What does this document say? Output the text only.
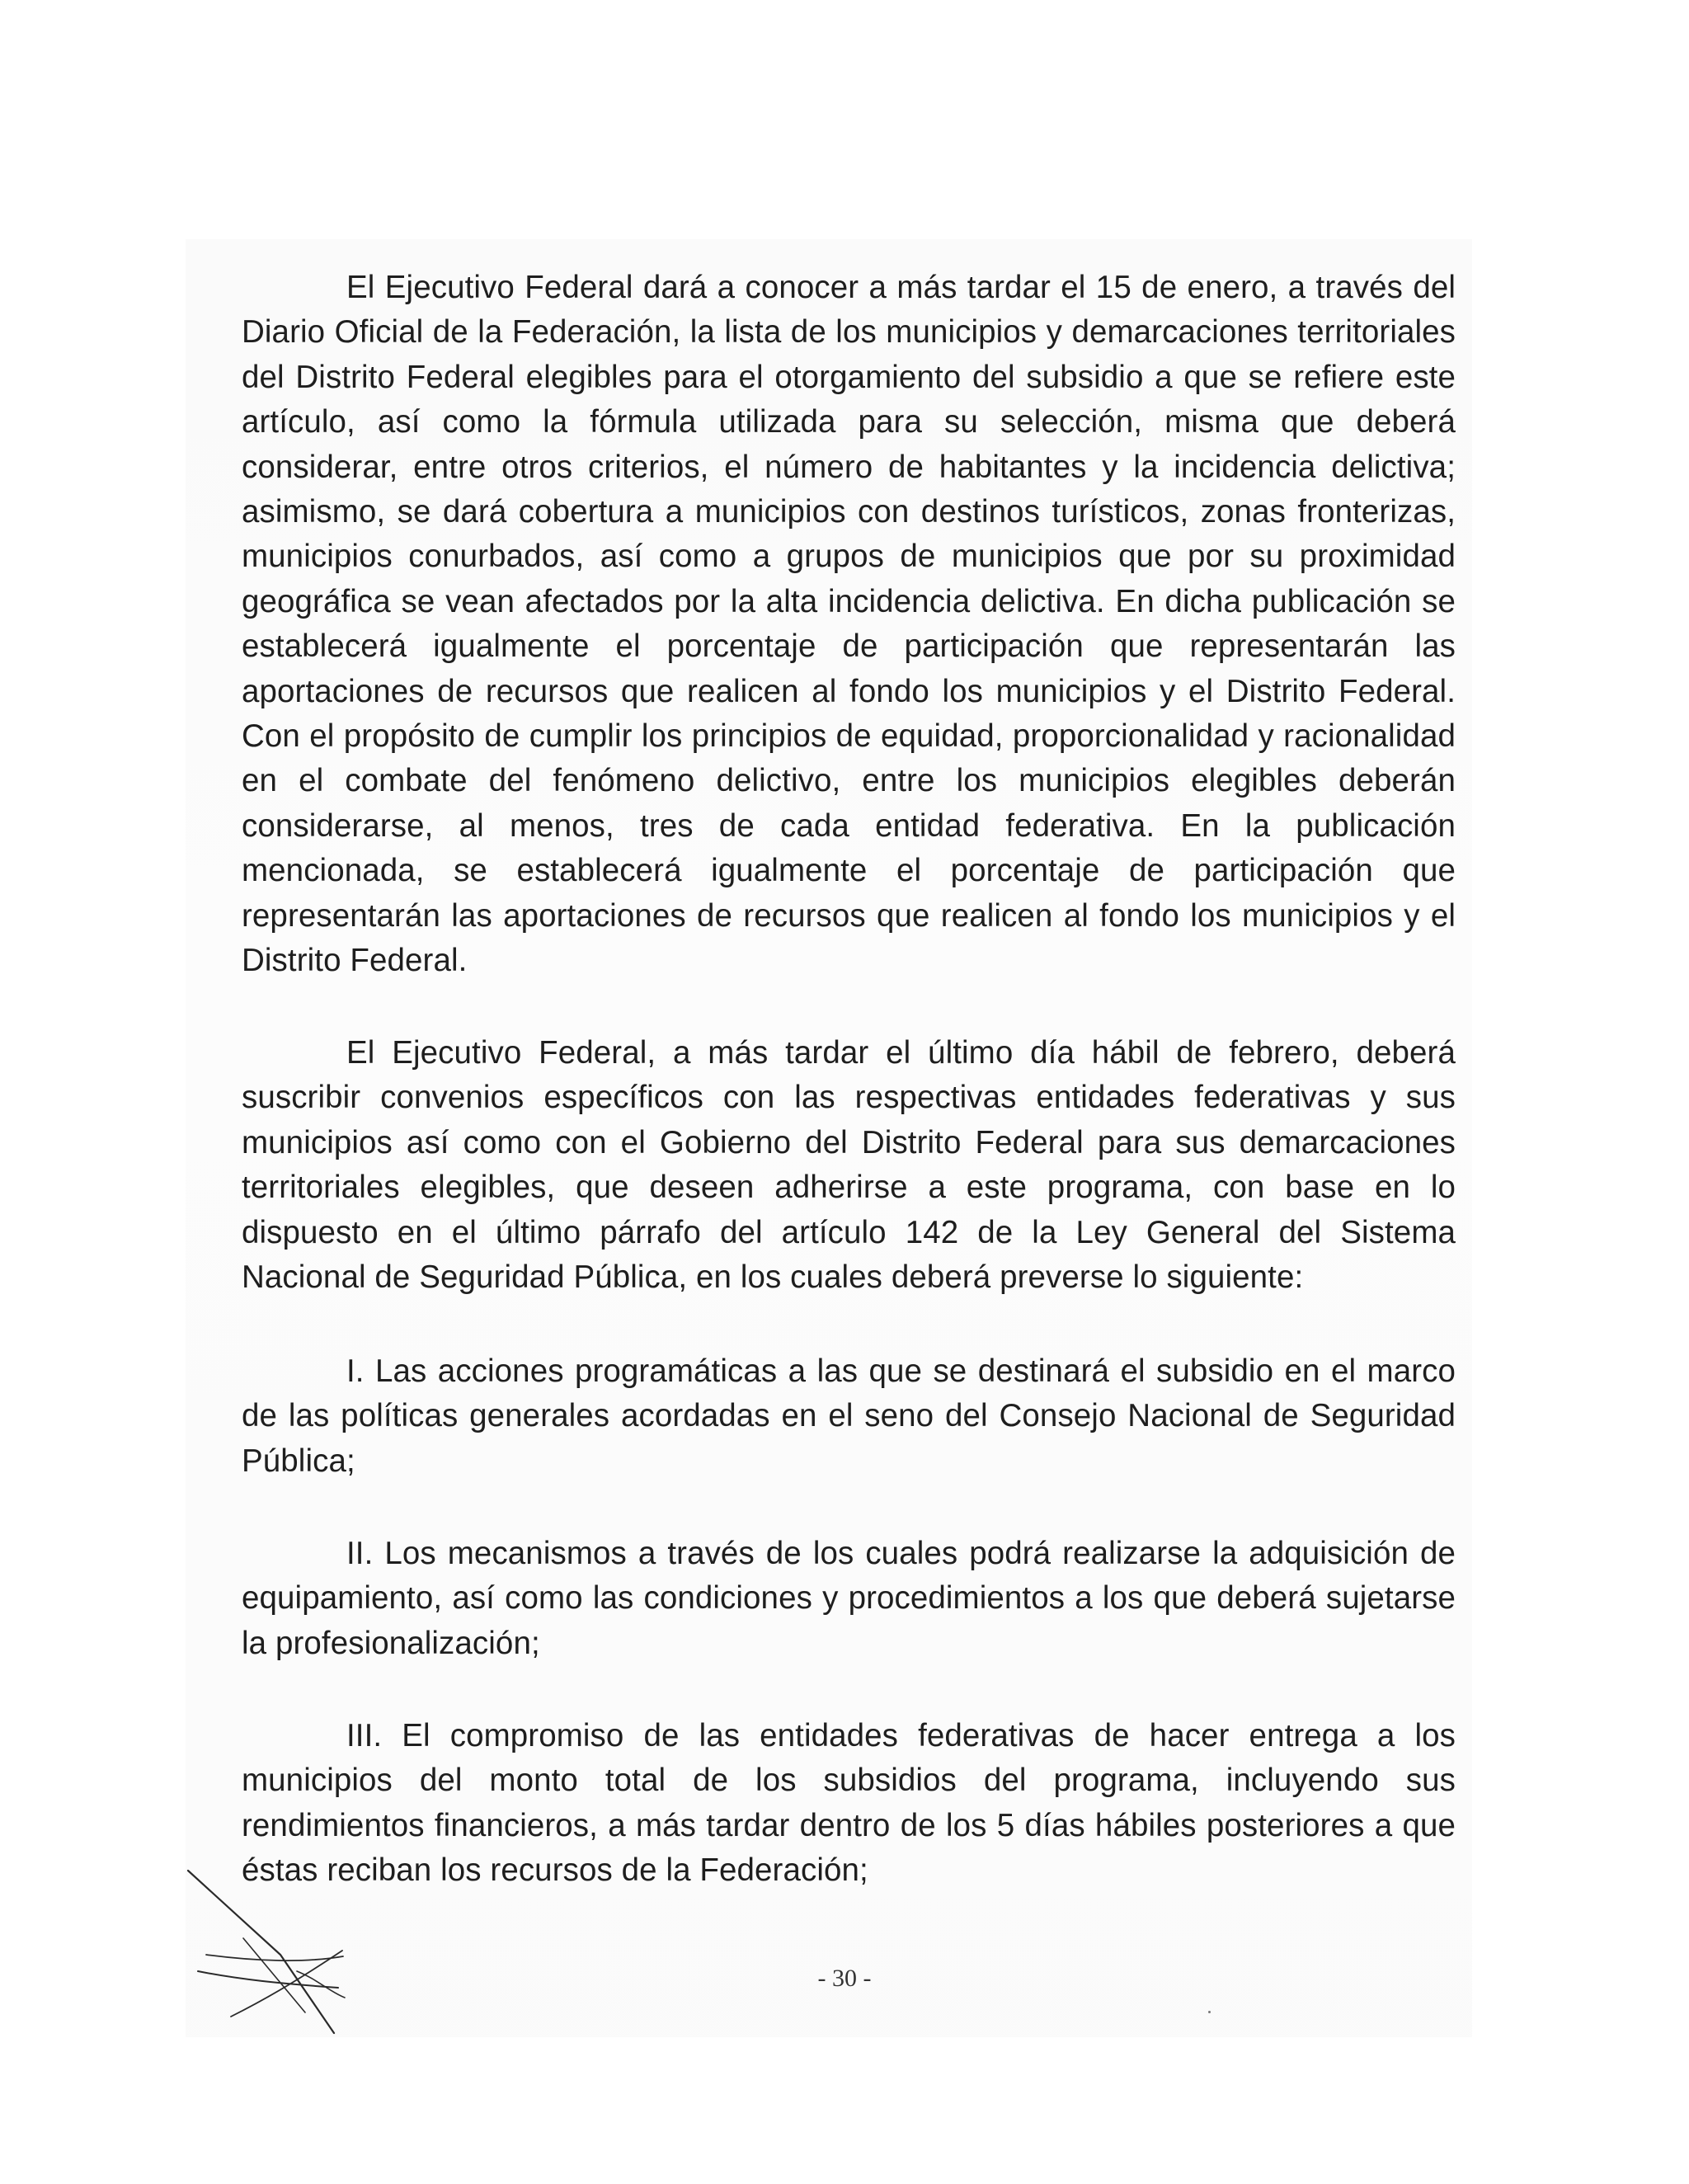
El Ejecutivo Federal dará a conocer a más tardar el 15 de enero, a través del Diario Oficial de la Federación, la lista de los municipios y demarcaciones territoriales del Distrito Federal elegibles para el otorgamiento del subsidio a que se refiere este artículo, así como la fórmula utilizada para su selección, misma que deberá considerar, entre otros criterios, el número de habitantes y la incidencia delictiva; asimismo, se dará cobertura a municipios con destinos turísticos, zonas fronterizas, municipios conurbados, así como a grupos de municipios que por su proximidad geográfica se vean afectados por la alta incidencia delictiva. En dicha publicación se establecerá igualmente el porcentaje de participación que representarán las aportaciones de recursos que realicen al fondo los municipios y el Distrito Federal. Con el propósito de cumplir los principios de equidad, proporcionalidad y racionalidad en el combate del fenómeno delictivo, entre los municipios elegibles deberán considerarse, al menos, tres de cada entidad federativa. En la publicación mencionada, se establecerá igualmente el porcentaje de participación que representarán las aportaciones de recursos que realicen al fondo los municipios y el Distrito Federal.

El Ejecutivo Federal, a más tardar el último día hábil de febrero, deberá suscribir convenios específicos con las respectivas entidades federativas y sus municipios así como con el Gobierno del Distrito Federal para sus demarcaciones territoriales elegibles, que deseen adherirse a este programa, con base en lo dispuesto en el último párrafo del artículo 142 de la Ley General del Sistema Nacional de Seguridad Pública, en los cuales deberá preverse lo siguiente:

I. Las acciones programáticas a las que se destinará el subsidio en el marco de las políticas generales acordadas en el seno del Consejo Nacional de Seguridad Pública;

II. Los mecanismos a través de los cuales podrá realizarse la adquisición de equipamiento, así como las condiciones y procedimientos a los que deberá sujetarse la profesionalización;

III. El compromiso de las entidades federativas de hacer entrega a los municipios del monto total de los subsidios del programa, incluyendo sus rendimientos financieros, a más tardar dentro de los 5 días hábiles posteriores a que éstas reciban los recursos de la Federación;

- 30 -
